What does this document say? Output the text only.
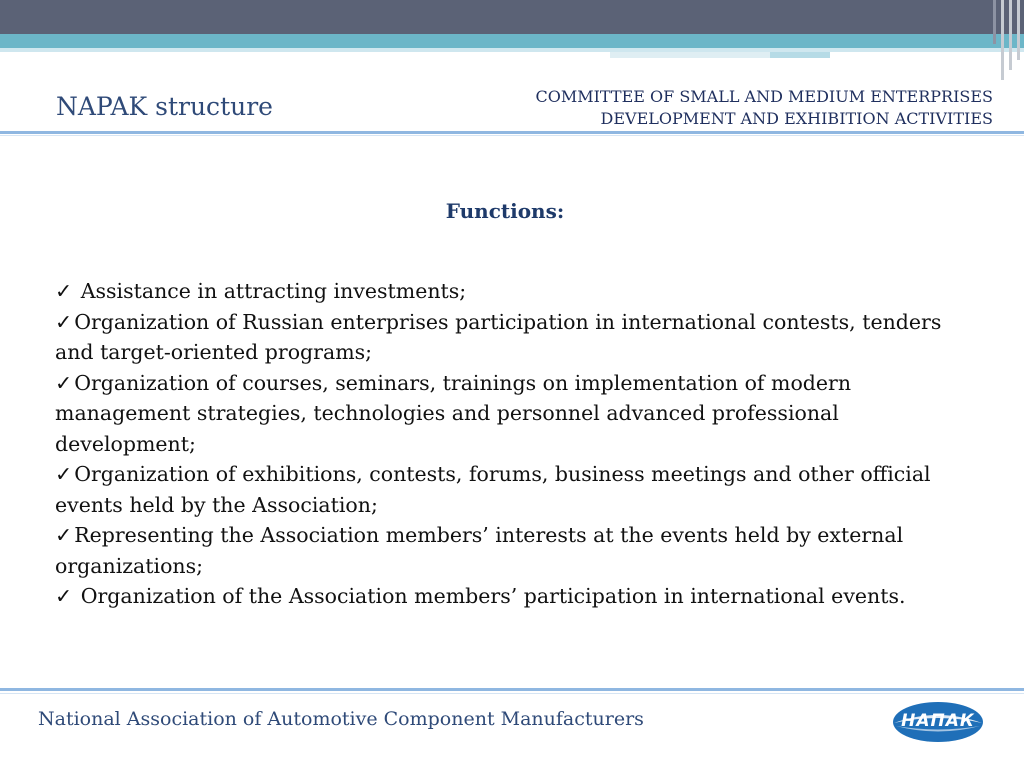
NAPAK structure	COMMITTEE OF SMALL AND MEDIUM ENTERPRISES
DEVELOPMENT AND EXHIBITION ACTIVITIES
Functions:
✓ Assistance in attracting investments;
✓Organization of Russian enterprises participation in international contests, tenders and target-oriented programs;
✓Organization of courses, seminars, trainings on implementation of modern management strategies, technologies and personnel advanced professional development;
✓Organization of exhibitions, contests, forums, business meetings and other official events held by the Association;
✓Representing the Association members’ interests at the events held by external organizations;
✓ Organization of the Association members’ participation in international events.
National Association of Automotive Component Manufacturers	НАПАК
